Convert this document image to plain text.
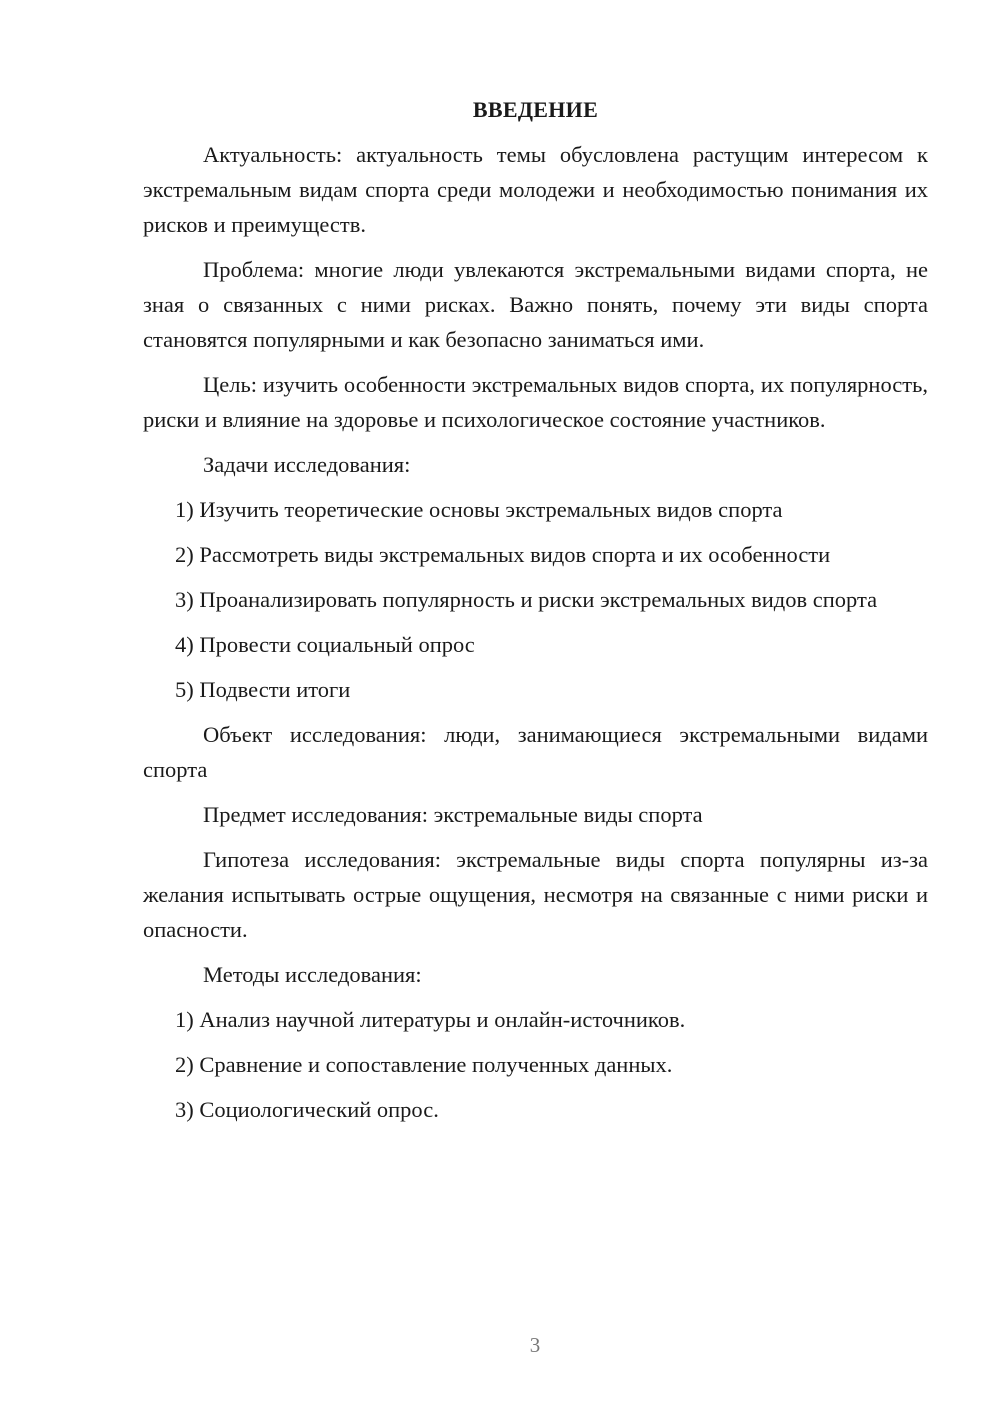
ВВЕДЕНИЕ

Актуальность: актуальность темы обусловлена растущим интересом к экстремальным видам спорта среди молодежи и необходимостью понимания их рисков и преимуществ.

Проблема: многие люди увлекаются экстремальными видами спорта, не зная о связанных с ними рисках. Важно понять, почему эти виды спорта становятся популярными и как безопасно заниматься ими.

Цель: изучить особенности экстремальных видов спорта, их популярность, риски и влияние на здоровье и психологическое состояние участников.

Задачи исследования:

1) Изучить теоретические основы экстремальных видов спорта

2) Рассмотреть виды экстремальных видов спорта и их особенности

3) Проанализировать популярность и риски экстремальных видов спорта

4) Провести социальный опрос

5) Подвести итоги

Объект исследования: люди, занимающиеся экстремальными видами спорта

Предмет исследования: экстремальные виды спорта

Гипотеза исследования: экстремальные виды спорта популярны из-за желания испытывать острые ощущения, несмотря на связанные с ними риски и опасности.

Методы исследования:

1) Анализ научной литературы и онлайн-источников.

2) Сравнение и сопоставление полученных данных.

3) Социологический опрос.

3
